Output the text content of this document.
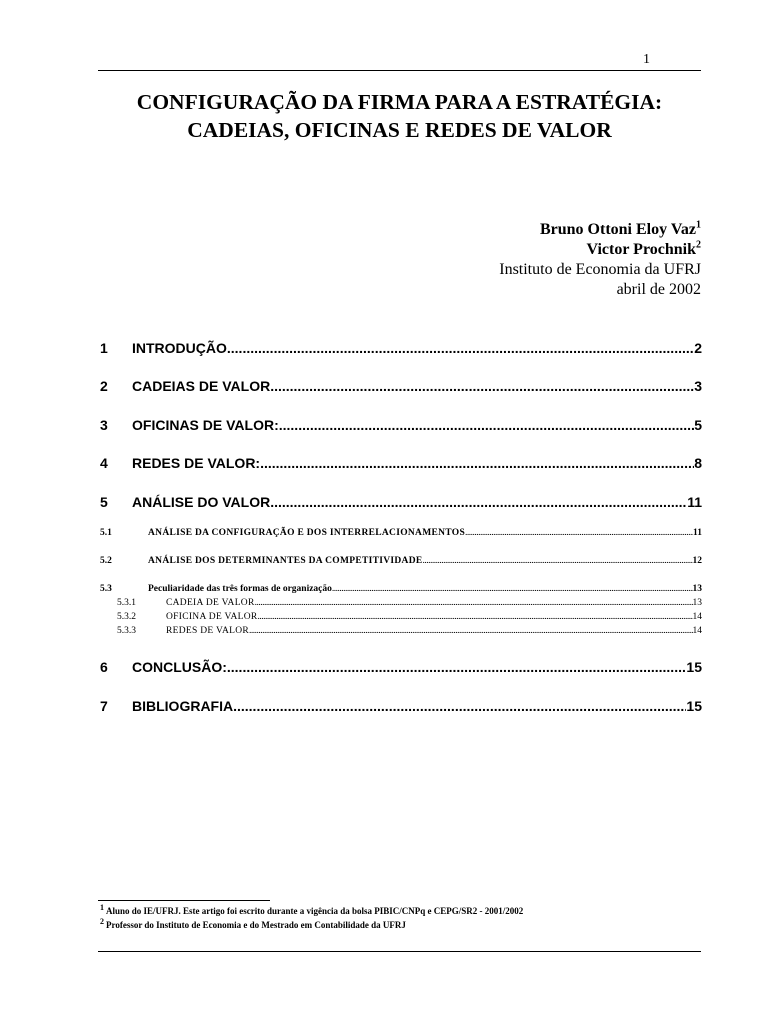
1
CONFIGURAÇÃO DA FIRMA PARA A ESTRATÉGIA:
CADEIAS, OFICINAS E REDES DE VALOR
Bruno Ottoni Eloy Vaz$^1$
Victor Prochnik$^2$
Instituto de Economia da UFRJ
abril de 2002
1	INTRODUÇÃO .....	2
2	CADEIAS DE VALOR .....	3
3	OFICINAS DE VALOR: .....	5
4	REDES DE VALOR: .....	8
5	ANÁLISE DO VALOR .....	11
5.1	ANÁLISE DA CONFIGURAÇÃO E DOS INTERRELACIONAMENTOS .....	11
5.2	ANÁLISE DOS DETERMINANTES DA COMPETITIVIDADE .....	12
5.3	Peculiaridade das três formas de organização .....	13
5.3.1	CADEIA DE VALOR .....	13
5.3.2	OFICINA DE VALOR .....	14
5.3.3	REDES DE VALOR .....	14
6	CONCLUSÃO: .....	15
7	BIBLIOGRAFIA .....	15
$^1$ Aluno do IE/UFRJ. Este artigo foi escrito durante a vigência da bolsa PIBIC/CNPq e CEPG/SR2 - 2001/2002
$^2$ Professor do Instituto de Economia e do Mestrado em Contabilidade da UFRJ
